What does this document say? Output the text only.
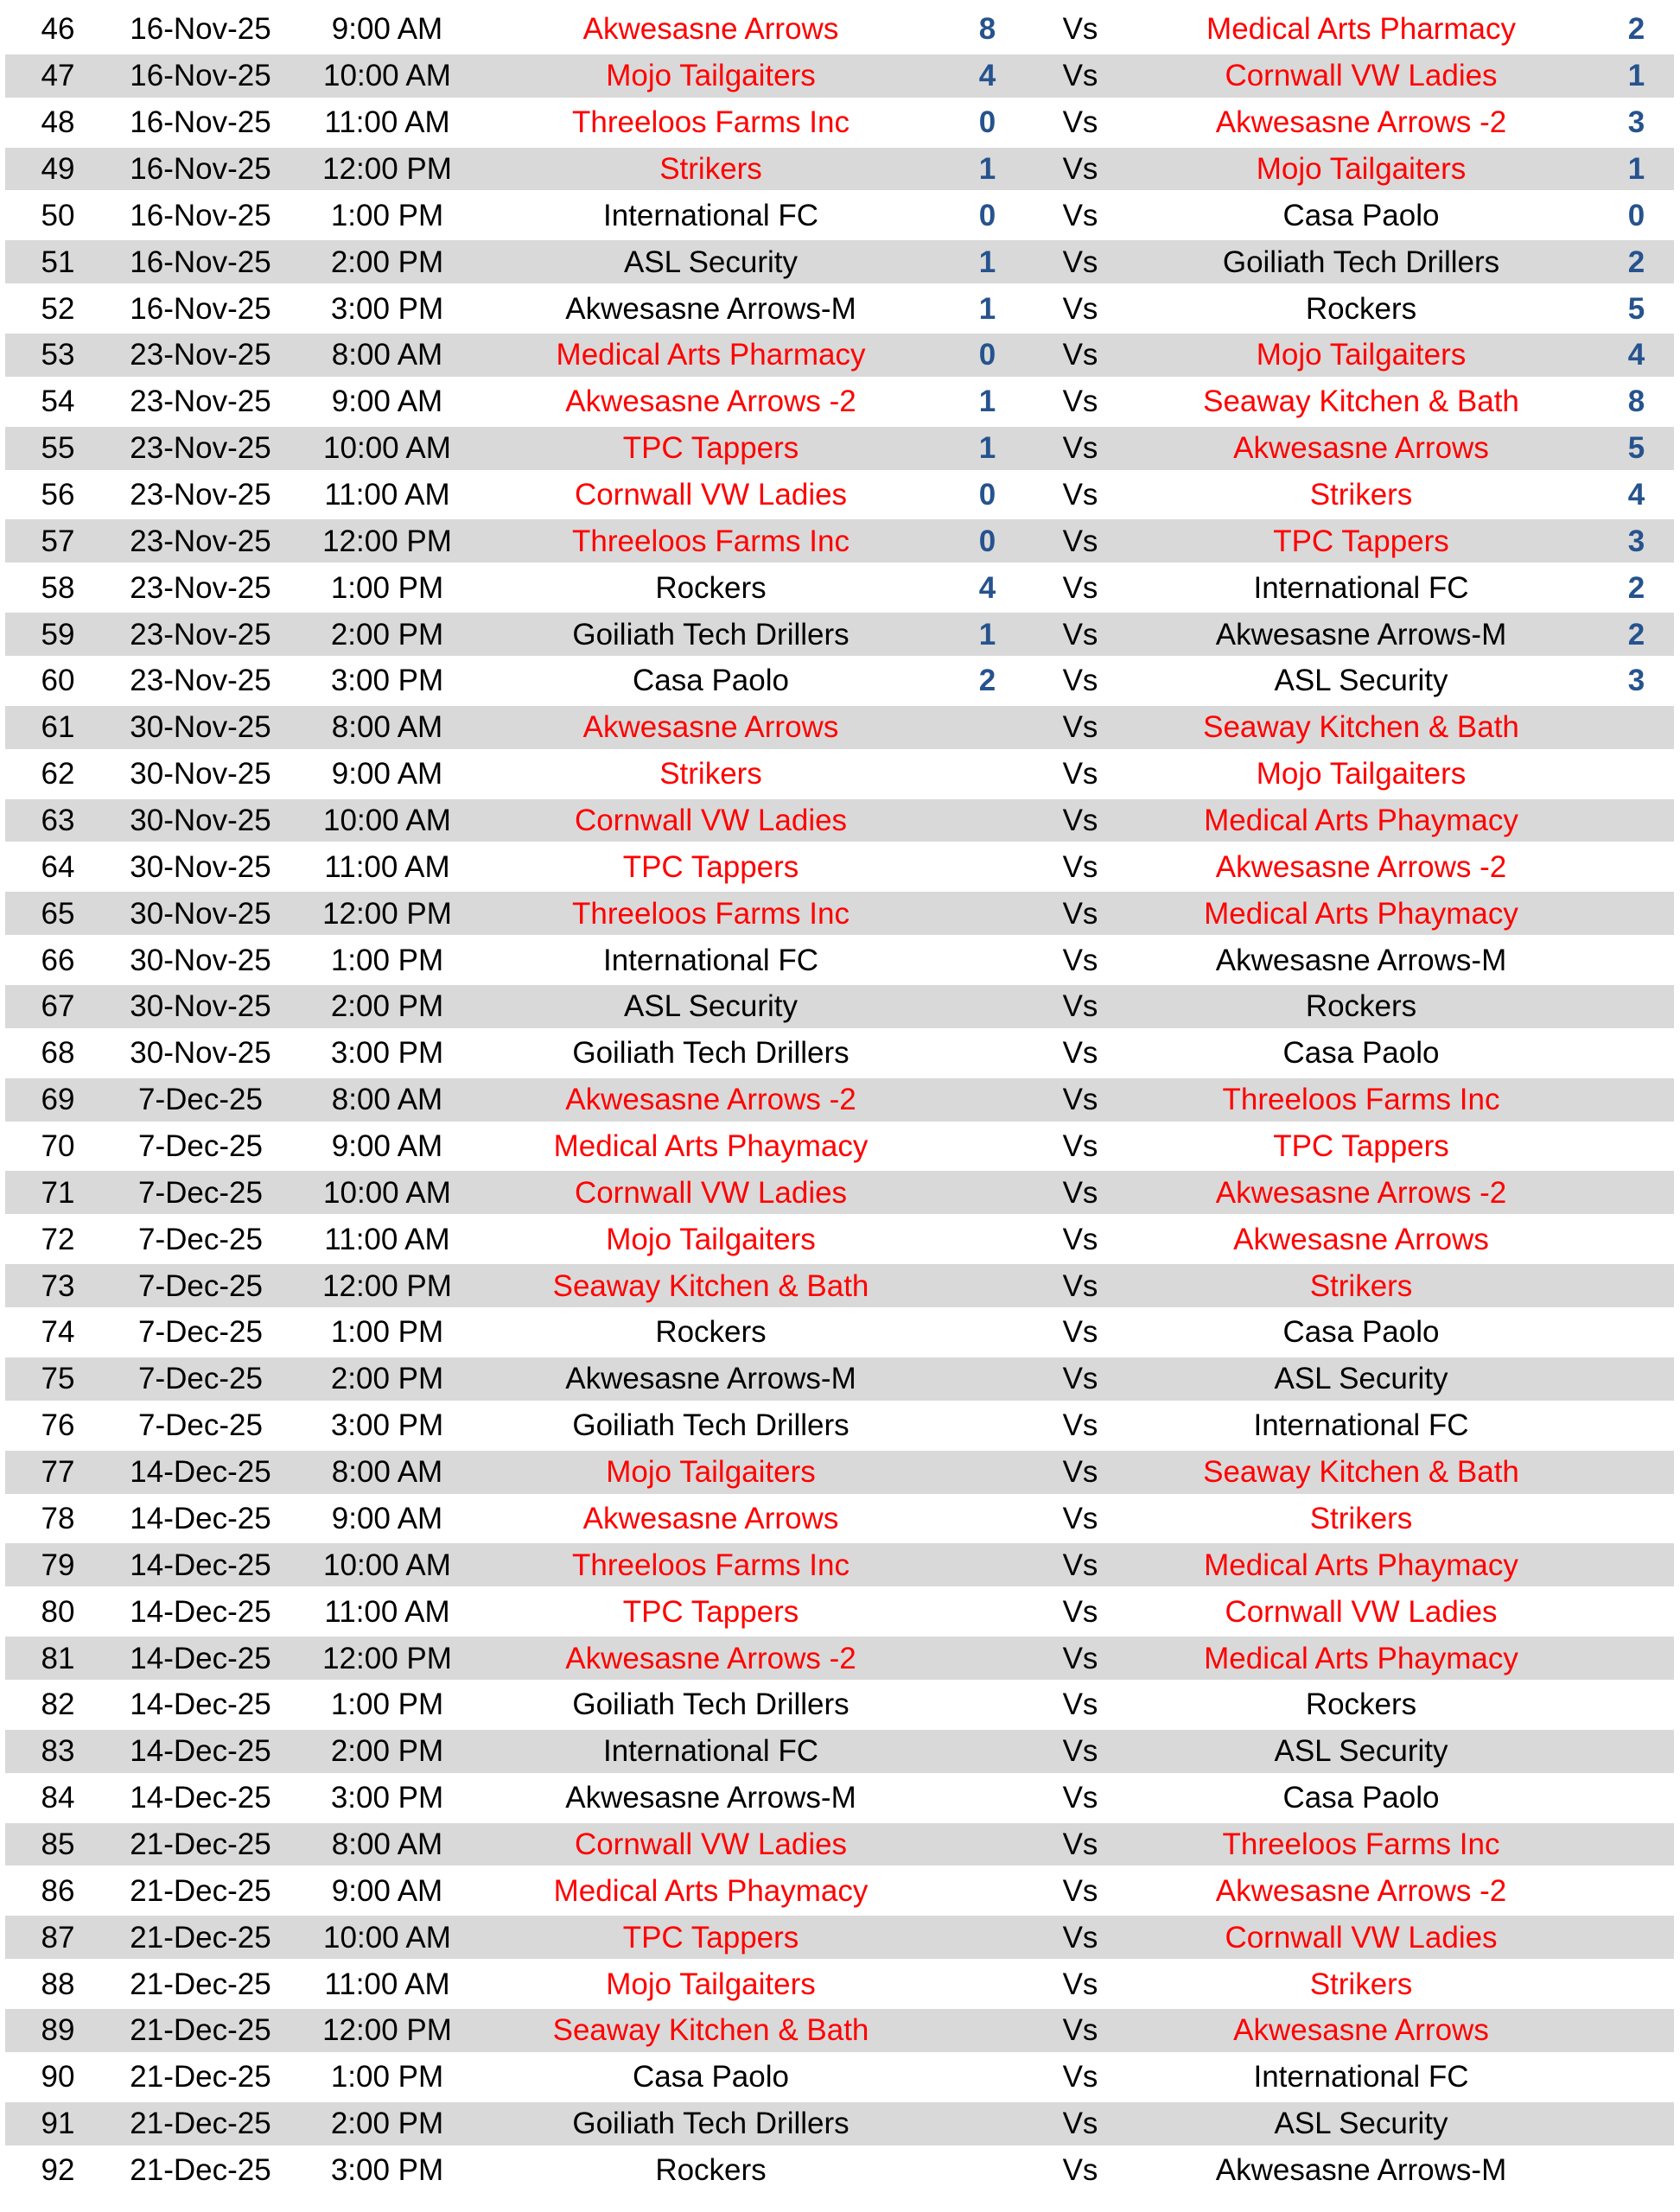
46	16-Nov-25	9:00 AM	Akwesasne Arrows	8	Vs	Medical Arts Pharmacy	2
47	16-Nov-25	10:00 AM	Mojo Tailgaiters	4	Vs	Cornwall VW Ladies	1
48	16-Nov-25	11:00 AM	Threeloos Farms Inc	0	Vs	Akwesasne Arrows -2	3
49	16-Nov-25	12:00 PM	Strikers	1	Vs	Mojo Tailgaiters	1
50	16-Nov-25	1:00 PM	International FC	0	Vs	Casa Paolo	0
51	16-Nov-25	2:00 PM	ASL Security	1	Vs	Goiliath Tech Drillers	2
52	16-Nov-25	3:00 PM	Akwesasne Arrows-M	1	Vs	Rockers	5
53	23-Nov-25	8:00 AM	Medical Arts Pharmacy	0	Vs	Mojo Tailgaiters	4
54	23-Nov-25	9:00 AM	Akwesasne Arrows -2	1	Vs	Seaway Kitchen & Bath	8
55	23-Nov-25	10:00 AM	TPC Tappers	1	Vs	Akwesasne Arrows	5
56	23-Nov-25	11:00 AM	Cornwall VW Ladies	0	Vs	Strikers	4
57	23-Nov-25	12:00 PM	Threeloos Farms Inc	0	Vs	TPC Tappers	3
58	23-Nov-25	1:00 PM	Rockers	4	Vs	International FC	2
59	23-Nov-25	2:00 PM	Goiliath Tech Drillers	1	Vs	Akwesasne Arrows-M	2
60	23-Nov-25	3:00 PM	Casa Paolo	2	Vs	ASL Security	3
61	30-Nov-25	8:00 AM	Akwesasne Arrows		Vs	Seaway Kitchen & Bath	
62	30-Nov-25	9:00 AM	Strikers		Vs	Mojo Tailgaiters	
63	30-Nov-25	10:00 AM	Cornwall VW Ladies		Vs	Medical Arts Phaymacy	
64	30-Nov-25	11:00 AM	TPC Tappers		Vs	Akwesasne Arrows -2	
65	30-Nov-25	12:00 PM	Threeloos Farms Inc		Vs	Medical Arts Phaymacy	
66	30-Nov-25	1:00 PM	International FC		Vs	Akwesasne Arrows-M	
67	30-Nov-25	2:00 PM	ASL Security		Vs	Rockers	
68	30-Nov-25	3:00 PM	Goiliath Tech Drillers		Vs	Casa Paolo	
69	7-Dec-25	8:00 AM	Akwesasne Arrows -2		Vs	Threeloos Farms Inc	
70	7-Dec-25	9:00 AM	Medical Arts Phaymacy		Vs	TPC Tappers	
71	7-Dec-25	10:00 AM	Cornwall VW Ladies		Vs	Akwesasne Arrows -2	
72	7-Dec-25	11:00 AM	Mojo Tailgaiters		Vs	Akwesasne Arrows	
73	7-Dec-25	12:00 PM	Seaway Kitchen & Bath		Vs	Strikers	
74	7-Dec-25	1:00 PM	Rockers		Vs	Casa Paolo	
75	7-Dec-25	2:00 PM	Akwesasne Arrows-M		Vs	ASL Security	
76	7-Dec-25	3:00 PM	Goiliath Tech Drillers		Vs	International FC	
77	14-Dec-25	8:00 AM	Mojo Tailgaiters		Vs	Seaway Kitchen & Bath	
78	14-Dec-25	9:00 AM	Akwesasne Arrows		Vs	Strikers	
79	14-Dec-25	10:00 AM	Threeloos Farms Inc		Vs	Medical Arts Phaymacy	
80	14-Dec-25	11:00 AM	TPC Tappers		Vs	Cornwall VW Ladies	
81	14-Dec-25	12:00 PM	Akwesasne Arrows -2		Vs	Medical Arts Phaymacy	
82	14-Dec-25	1:00 PM	Goiliath Tech Drillers		Vs	Rockers	
83	14-Dec-25	2:00 PM	International FC		Vs	ASL Security	
84	14-Dec-25	3:00 PM	Akwesasne Arrows-M		Vs	Casa Paolo	
85	21-Dec-25	8:00 AM	Cornwall VW Ladies		Vs	Threeloos Farms Inc	
86	21-Dec-25	9:00 AM	Medical Arts Phaymacy		Vs	Akwesasne Arrows -2	
87	21-Dec-25	10:00 AM	TPC Tappers		Vs	Cornwall VW Ladies	
88	21-Dec-25	11:00 AM	Mojo Tailgaiters		Vs	Strikers	
89	21-Dec-25	12:00 PM	Seaway Kitchen & Bath		Vs	Akwesasne Arrows	
90	21-Dec-25	1:00 PM	Casa Paolo		Vs	International FC	
91	21-Dec-25	2:00 PM	Goiliath Tech Drillers		Vs	ASL Security	
92	21-Dec-25	3:00 PM	Rockers		Vs	Akwesasne Arrows-M	
